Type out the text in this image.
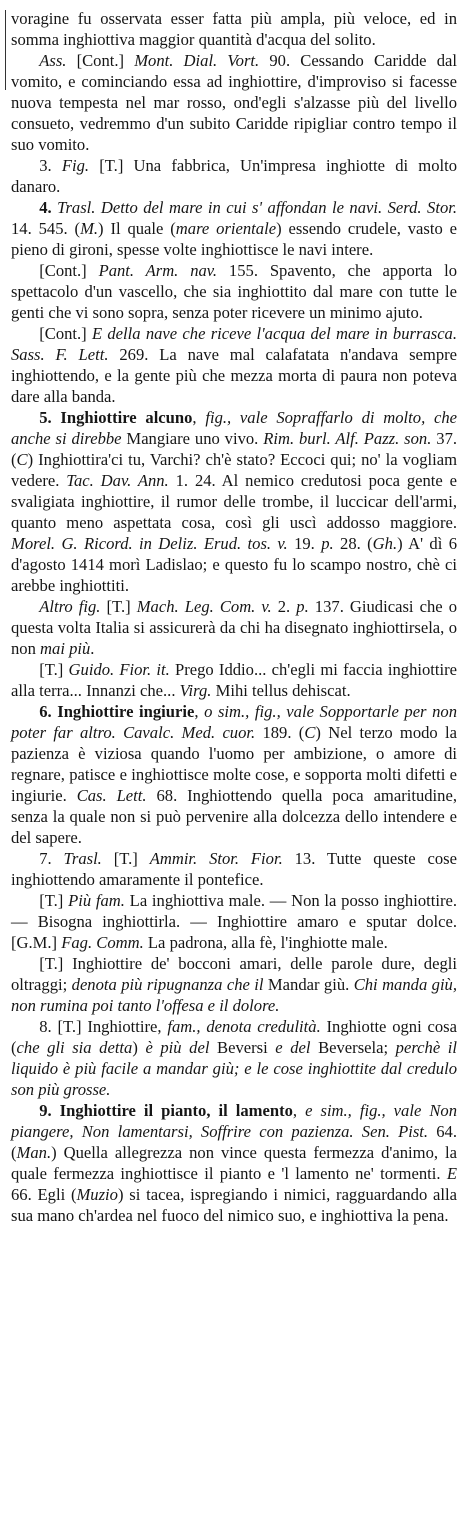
voragine fu osservata esser fatta più ampla, più veloce, ed in somma inghiottiva maggior quantità d'acqua del solito.

Ass. [Cont.] Mont. Dial. Vort. 90. Cessando Caridde dal vomito, e cominciando essa ad inghiottire, d'improviso si facesse nuova tempesta nel mar rosso, ond'egli s'alzasse più del livello consueto, vedremmo d'un subito Caridde ripigliar contro tempo il suo vomito.

3. Fig. [T.] Una fabbrica, Un'impresa inghiotte di molto danaro.

4. Trasl. Detto del mare in cui s' affondan le navi. Serd. Stor. 14. 545. (M.) Il quale (mare orientale) essendo crudele, vasto e pieno di gironi, spesse volte inghiottisce le navi intere.

[Cont.] Pant. Arm. nav. 155. Spavento, che apporta lo spettacolo d'un vascello, che sia inghiottito dal mare con tutte le genti che vi sono sopra, senza poter ricevere un minimo ajuto.

[Cont.] E della nave che riceve l'acqua del mare in burrasca. Sass. F. Lett. 269. La nave mal calafatata n'andava sempre inghiottendo, e la gente più che mezza morta di paura non poteva dare alla banda.

5. Inghiottire alcuno, fig., vale Sopraffarlo di molto, che anche si direbbe Mangiare uno vivo. Rim. burl. Alf. Pazz. son. 37. (C) Inghiottira'ci tu, Varchi? ch'è stato? Eccoci qui; no' la vogliam vedere. Tac. Dav. Ann. 1. 24. Al nemico credutosi poca gente e svaligiata inghiottire, il rumor delle trombe, il luccicar dell'armi, quanto meno aspettata cosa, così gli uscì addosso maggiore. Morel. G. Ricord. in Deliz. Erud. tos. v. 19. p. 28. (Gh.) A' dì 6 d'agosto 1414 morì Ladislao; e questo fu lo scampo nostro, chè ci arebbe inghiottiti.

Altro fig. [T.] Mach. Leg. Com. v. 2. p. 137. Giudicasi che o questa volta Italia si assicurerà da chi ha disegnato inghiottirsela, o non mai più.

[T.] Guido. Fior. it. Prego Iddio... ch'egli mi faccia inghiottire alla terra... Innanzi che... Virg. Mihi tellus dehiscat.

6. Inghiottire ingiurie, o sim., fig., vale Sopportarle per non poter far altro. Cavalc. Med. cuor. 189. (C) Nel terzo modo la pazienza è viziosa quando l'uomo per ambizione, o amore di regnare, patisce e inghiottisce molte cose, e sopporta molti difetti e ingiurie. Cas. Lett. 68. Inghiottendo quella poca amaritudine, senza la quale non si può pervenire alla dolcezza dello intendere e del sapere.

7. Trasl. [T.] Ammir. Stor. Fior. 13. Tutte queste cose inghiottendo amaramente il pontefice.

[T.] Più fam. La inghiottiva male. — Non la posso inghiottire. — Bisogna inghiottirla. — Inghiottire amaro e sputar dolce. [G.M.] Fag. Comm. La padrona, alla fè, l'inghiotte male.

[T.] Inghiottire de' bocconi amari, delle parole dure, degli oltraggi; denota più ripugnanza che il Mandar giù. Chi manda giù, non rumina poi tanto l'offesa e il dolore.

8. [T.] Inghiottire, fam., denota credulità. Inghiotte ogni cosa (che gli sia detta) è più del Beversi e del Beversela; perchè il liquido è più facile a mandar giù; e le cose inghiottite dal credulo son più grosse.

9. Inghiottire il pianto, il lamento, e sim., fig., vale Non piangere, Non lamentarsi, Soffrire con pazienza. Sen. Pist. 64. (Man.) Quella allegrezza non vince questa fermezza d'animo, la quale fermezza inghiottisce il pianto e 'l lamento ne' tormenti. E 66. Egli (Muzio) si tacea, ispregiando i nimici, ragguardando alla sua mano ch'ardea nel fuoco del nimico suo, e inghiottiva la pena.
